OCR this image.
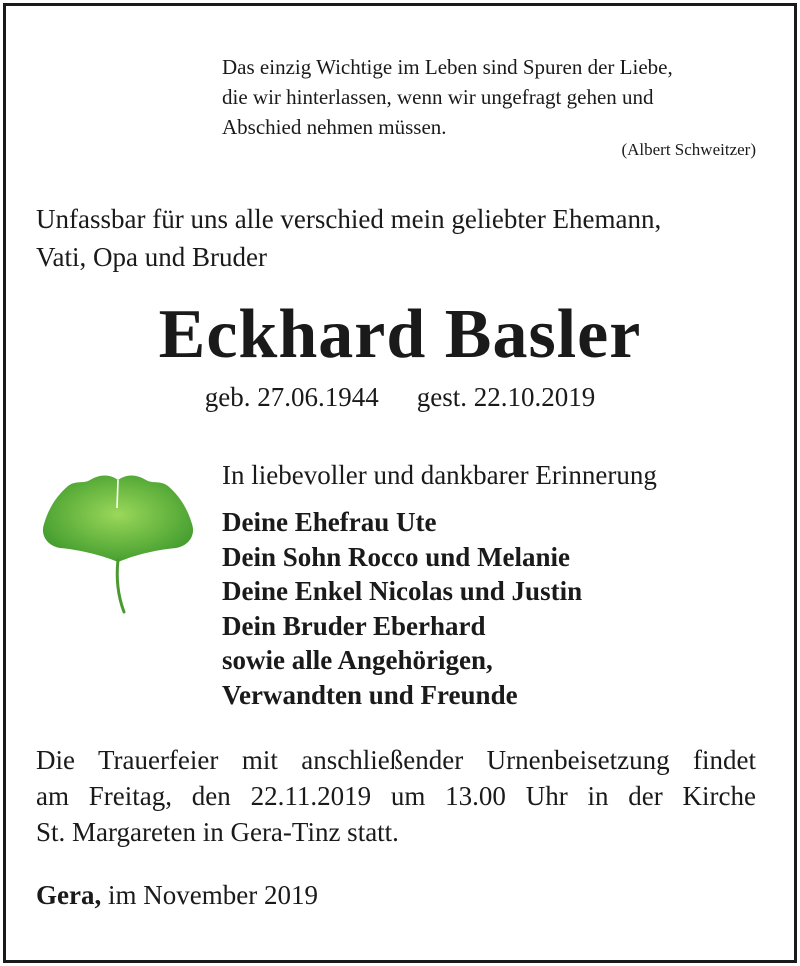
Das einzig Wichtige im Leben sind Spuren der Liebe,
die wir hinterlassen, wenn wir ungefragt gehen und
Abschied nehmen müssen.
(Albert Schweitzer)
Unfassbar für uns alle verschied mein geliebter Ehemann,
Vati, Opa und Bruder
Eckhard Basler
geb. 27.06.1944 gest. 22.10.2019
In liebevoller und dankbarer Erinnerung
Deine Ehefrau Ute
Dein Sohn Rocco und Melanie
Deine Enkel Nicolas und Justin
Dein Bruder Eberhard
sowie alle Angehörigen,
Verwandten und Freunde
Die Trauerfeier mit anschließender Urnenbeisetzung findet
am Freitag, den 22.11.2019 um 13.00 Uhr in der Kirche
St. Margareten in Gera-Tinz statt.
Gera, im November 2019
